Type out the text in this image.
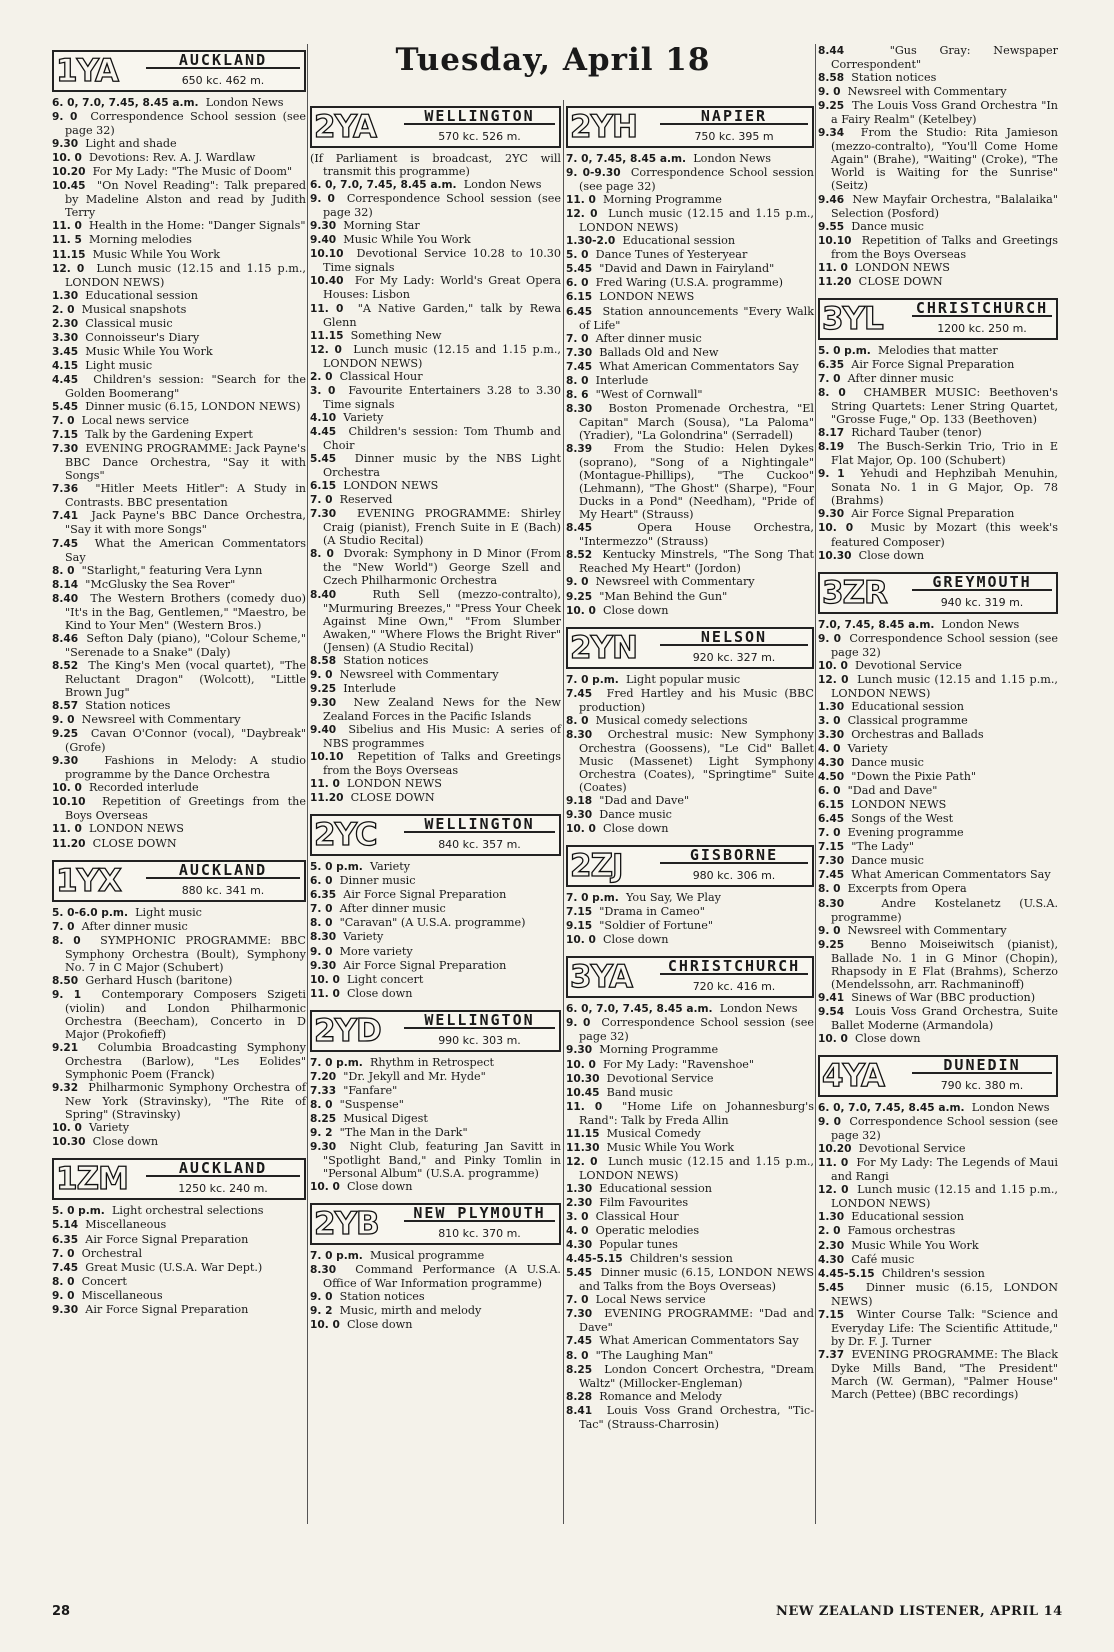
Tuesday, April 18
1YA	AUCKLAND
650 kc. 462 m.

6. 0, 7.0, 7.45, 8.45 a.m. London News

9. 0 Correspondence School session (see page 32)

9.30 Light and shade

10. 0 Devotions: Rev. A. J. Wardlaw

10.20 For My Lady: "The Music of Doom"

10.45 "On Novel Reading": Talk prepared by Madeline Alston and read by Judith Terry

11. 0 Health in the Home: "Danger Signals"

11. 5 Morning melodies

11.15 Music While You Work

12. 0 Lunch music (12.15 and 1.15 p.m., LONDON NEWS)

1.30 Educational session

2. 0 Musical snapshots

2.30 Classical music

3.30 Connoisseur's Diary

3.45 Music While You Work

4.15 Light music

4.45 Children's session: "Search for the Golden Boomerang"

5.45 Dinner music (6.15, LONDON NEWS)

7. 0 Local news service

7.15 Talk by the Gardening Expert

7.30 EVENING PROGRAMME: Jack Payne's BBC Dance Orchestra, "Say it with Songs"

7.36 "Hitler Meets Hitler": A Study in Contrasts. BBC presentation

7.41 Jack Payne's BBC Dance Orchestra, "Say it with more Songs"

7.45 What the American Commentators Say

8. 0 "Starlight," featuring Vera Lynn

8.14 "McGlusky the Sea Rover"

8.40 The Western Brothers (comedy duo) "It's in the Bag, Gentlemen," "Maestro, be Kind to Your Men" (Western Bros.)

8.46 Sefton Daly (piano), "Colour Scheme," "Serenade to a Snake" (Daly)

8.52 The King's Men (vocal quartet), "The Reluctant Dragon" (Wolcott), "Little Brown Jug"

8.57 Station notices

9. 0 Newsreel with Commentary

9.25 Cavan O'Connor (vocal), "Daybreak" (Grofe)

9.30 Fashions in Melody: A studio programme by the Dance Orchestra

10. 0 Recorded interlude

10.10 Repetition of Greetings from the Boys Overseas

11. 0 LONDON NEWS

11.20 CLOSE DOWN

1YX	AUCKLAND
880 kc. 341 m.

5. 0-6.0 p.m. Light music

7. 0 After dinner music

8. 0 SYMPHONIC PROGRAMME: BBC Symphony Orchestra (Boult), Symphony No. 7 in C Major (Schubert)

8.50 Gerhard Husch (baritone)

9. 1 Contemporary Composers Szigeti (violin) and London Philharmonic Orchestra (Beecham), Concerto in D Major (Prokofieff)

9.21 Columbia Broadcasting Symphony Orchestra (Barlow), "Les Eolides" Symphonic Poem (Franck)

9.32 Philharmonic Symphony Orchestra of New York (Stravinsky), "The Rite of Spring" (Stravinsky)

10. 0 Variety

10.30 Close down

1ZM	AUCKLAND
1250 kc. 240 m.

5. 0 p.m. Light orchestral selections

5.14 Miscellaneous

6.35 Air Force Signal Preparation

7. 0 Orchestral

7.45 Great Music (U.S.A. War Dept.)

8. 0 Concert

9. 0 Miscellaneous

9.30 Air Force Signal Preparation

2YA	WELLINGTON
570 kc. 526 m.

(If Parliament is broadcast, 2YC will transmit this programme)

6. 0, 7.0, 7.45, 8.45 a.m. London News

9. 0 Correspondence School session (see page 32)

9.30 Morning Star

9.40 Music While You Work

10.10 Devotional Service 10.28 to 10.30 Time signals

10.40 For My Lady: World's Great Opera Houses: Lisbon

11. 0 "A Native Garden," talk by Rewa Glenn

11.15 Something New

12. 0 Lunch music (12.15 and 1.15 p.m., LONDON NEWS)

2. 0 Classical Hour

3. 0 Favourite Entertainers 3.28 to 3.30 Time signals

4.10 Variety

4.45 Children's session: Tom Thumb and Choir

5.45 Dinner music by the NBS Light Orchestra

6.15 LONDON NEWS

7. 0 Reserved

7.30 EVENING PROGRAMME: Shirley Craig (pianist), French Suite in E (Bach) (A Studio Recital)

8. 0 Dvorak: Symphony in D Minor (From the "New World") George Szell and Czech Philharmonic Orchestra

8.40	Ruth Sell (mezzo-contralto), "Murmuring Breezes," "Press Your Cheek Against Mine Own," "From Slumber Awaken," "Where Flows the Bright River" (Jensen) (A Studio Recital)

8.58 Station notices

9. 0 Newsreel with Commentary

9.25 Interlude

9.30 New Zealand News for the New Zealand Forces in the Pacific Islands

9.40 Sibelius and His Music: A series of NBS programmes

10.10 Repetition of Talks and Greetings from the Boys Overseas

11. 0 LONDON NEWS

11.20 CLOSE DOWN

2YC	WELLINGTON
840 kc. 357 m.

5. 0 p.m. Variety

6. 0 Dinner music

6.35 Air Force Signal Preparation

7. 0 After dinner music

8. 0 "Caravan" (A U.S.A. programme)

8.30 Variety

9. 0 More variety

9.30 Air Force Signal Preparation

10. 0 Light concert

11. 0 Close down

2YD	WELLINGTON
990 kc. 303 m.

7. 0 p.m. Rhythm in Retrospect

7.20 "Dr. Jekyll and Mr. Hyde"

7.33 "Fanfare"

8. 0 "Suspense"

8.25 Musical Digest

9. 2 "The Man in the Dark"

9.30 Night Club, featuring Jan Savitt in "Spotlight Band," and Pinky Tomlin in "Personal Album" (U.S.A. programme)

10. 0 Close down

2YB	NEW PLYMOUTH
810 kc. 370 m.

7. 0 p.m. Musical programme

8.30 Command Performance (A U.S.A. Office of War Information programme)

9. 0 Station notices

9. 2 Music, mirth and melody

10. 0 Close down

2YH	NAPIER
750 kc. 395 m

7. 0, 7.45, 8.45 a.m. London News

9. 0-9.30 Correspondence School session (see page 32)

11. 0 Morning Programme

12. 0 Lunch music (12.15 and 1.15 p.m., LONDON NEWS)

1.30-2.0 Educational session

5. 0 Dance Tunes of Yesteryear

5.45 "David and Dawn in Fairyland"

6. 0 Fred Waring (U.S.A. programme)

6.15 LONDON NEWS

6.45 Station announcements "Every Walk of Life"

7. 0 After dinner music

7.30 Ballads Old and New

7.45 What American Commentators Say

8. 0 Interlude

8. 6 "West of Cornwall"

8.30 Boston Promenade Orchestra, "El Capitan" March (Sousa), "La Paloma" (Yradier), "La Golondrina" (Serradell)

8.39 From the Studio: Helen Dykes (soprano), "Song of a Nightingale" (Montague-Phillips), "The Cuckoo" (Lehmann), "The Ghost" (Sharpe), "Four Ducks in a Pond" (Needham), "Pride of My Heart" (Strauss)

8.45	Opera House Orchestra, "Intermezzo" (Strauss)

8.52 Kentucky Minstrels, "The Song That Reached My Heart" (Jordon)

9. 0 Newsreel with Commentary

9.25 "Man Behind the Gun"

10. 0 Close down

2YN	NELSON
920 kc. 327 m.

7. 0 p.m. Light popular music

7.45 Fred Hartley and his Music (BBC production)

8. 0 Musical comedy selections

8.30 Orchestral music: New Symphony Orchestra (Goossens), "Le Cid" Ballet Music (Massenet) Light Symphony Orchestra (Coates), "Springtime" Suite (Coates)

9.18 "Dad and Dave"

9.30 Dance music

10. 0 Close down

2ZJ	GISBORNE
980 kc. 306 m.

7. 0 p.m. You Say, We Play

7.15 "Drama in Cameo"

9.15 "Soldier of Fortune"

10. 0 Close down

3YA	CHRISTCHURCH
720 kc. 416 m.

6. 0, 7.0, 7.45, 8.45 a.m. London News

9. 0 Correspondence School session (see page 32)

9.30 Morning Programme

10. 0 For My Lady: "Ravenshoe"

10.30 Devotional Service

10.45 Band music

11. 0 "Home Life on Johannesburg's Rand": Talk by Freda Allin

11.15 Musical Comedy

11.30 Music While You Work

12. 0 Lunch music (12.15 and 1.15 p.m., LONDON NEWS)

1.30 Educational session

2.30 Film Favourites

3. 0 Classical Hour

4. 0 Operatic melodies

4.30 Popular tunes

4.45-5.15 Children's session

5.45 Dinner music (6.15, LONDON NEWS and Talks from the Boys Overseas)

7. 0 Local News service

7.30 EVENING PROGRAMME: "Dad and Dave"

7.45 What American Commentators Say

8. 0 "The Laughing Man"

8.25 London Concert Orchestra, "Dream Waltz" (Millocker-Engleman)

8.28 Romance and Melody

8.41 Louis Voss Grand Orchestra, "Tic-Tac" (Strauss-Charrosin)

8.44	"Gus Gray: Newspaper Correspondent"

8.58 Station notices

9. 0 Newsreel with Commentary

9.25 The Louis Voss Grand Orchestra "In a Fairy Realm" (Ketelbey)

9.34 From the Studio: Rita Jamieson (mezzo-contralto), "You'll Come Home Again" (Brahe), "Waiting" (Croke), "The World is Waiting for the Sunrise" (Seitz)

9.46 New Mayfair Orchestra, "Balalaika" Selection (Posford)

9.55 Dance music

10.10 Repetition of Talks and Greetings from the Boys Overseas

11. 0 LONDON NEWS

11.20 CLOSE DOWN

3YL	CHRISTCHURCH
1200 kc. 250 m.

5. 0 p.m. Melodies that matter

6.35 Air Force Signal Preparation

7. 0 After dinner music

8. 0 CHAMBER MUSIC: Beethoven's String Quartets: Lener String Quartet, "Grosse Fuge," Op. 133 (Beethoven)

8.17 Richard Tauber (tenor)

8.19 The Busch-Serkin Trio, Trio in E Flat Major, Op. 100 (Schubert)

9. 1 Yehudi and Hephzibah Menuhin, Sonata No. 1 in G Major, Op. 78 (Brahms)

9.30 Air Force Signal Preparation

10. 0 Music by Mozart (this week's featured Composer)

10.30 Close down

3ZR	GREYMOUTH
940 kc. 319 m.

7.0, 7.45, 8.45 a.m. London News

9. 0 Correspondence School session (see page 32)

10. 0 Devotional Service

12. 0 Lunch music (12.15 and 1.15 p.m., LONDON NEWS)

1.30 Educational session

3. 0 Classical programme

3.30 Orchestras and Ballads

4. 0 Variety

4.30 Dance music

4.50 "Down the Pixie Path"

6. 0 "Dad and Dave"

6.15 LONDON NEWS

6.45 Songs of the West

7. 0 Evening programme

7.15 "The Lady"

7.30 Dance music

7.45 What American Commentators Say

8. 0 Excerpts from Opera

8.30	Andre Kostelanetz (U.S.A. programme)

9. 0 Newsreel with Commentary

9.25 Benno Moiseiwitsch (pianist), Ballade No. 1 in G Minor (Chopin), Rhapsody in E Flat (Brahms), Scherzo (Mendelssohn, arr. Rachmaninoff)

9.41 Sinews of War (BBC production)

9.54 Louis Voss Grand Orchestra, Suite Ballet Moderne (Armandola)

10. 0 Close down

4YA	DUNEDIN
790 kc. 380 m.

6. 0, 7.0, 7.45, 8.45 a.m. London News

9. 0 Correspondence School session (see page 32)

10.20 Devotional Service

11. 0 For My Lady: The Legends of Maui and Rangi

12. 0 Lunch music (12.15 and 1.15 p.m., LONDON NEWS)

1.30 Educational session

2. 0 Famous orchestras

2.30 Music While You Work

4.30 Café music

4.45-5.15 Children's session

5.45 Dinner music (6.15, LONDON NEWS)

7.15 Winter Course Talk: "Science and Everyday Life: The Scientific Attitude," by Dr. F. J. Turner

7.37 EVENING PROGRAMME: The Black Dyke Mills Band, "The President" March (W. German), "Palmer House" March (Pettee) (BBC recordings)

28	NEW ZEALAND LISTENER, APRIL 14
